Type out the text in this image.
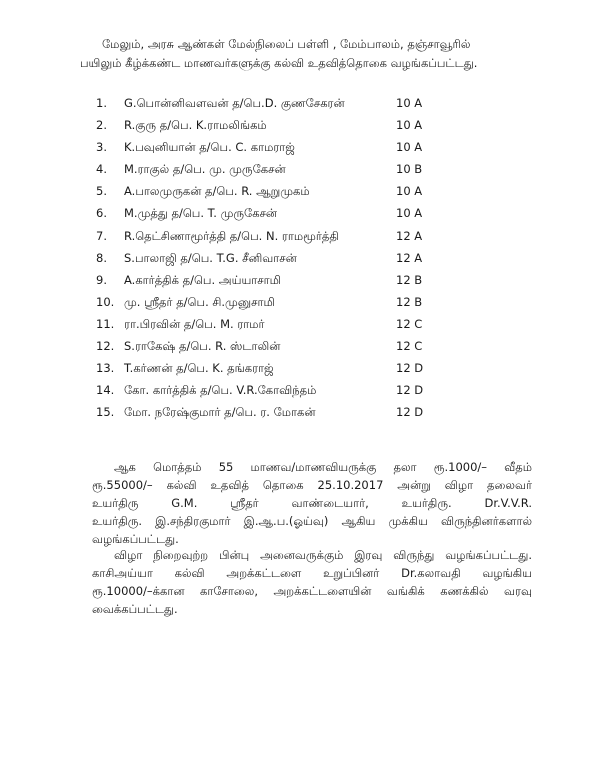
மேலும், அரசு ஆண்கள் மேல்நிலைப் பள்ளி , மேம்பாலம், தஞ்சாவூரில்
பயிலும் கீழ்க்கண்ட மாணவர்களுக்கு கல்வி உதவித்தொகை வழங்கப்பட்டது.
1.	G.பொன்னிவளவன் த/பெ.D. குணசேகரன்	10 A
2.	R.குரு த/பெ. K.ராமலிங்கம்	10 A
3.	K.பவுனியான் த/பெ. C. காமராஜ்	10 A
4.	M.ராகுல் த/பெ. மு. முருகேசன்	10 B
5.	A.பாலமுருகன் த/பெ. R. ஆறுமுகம்	10 A
6.	M.முத்து த/பெ. T. முருகேசன்	10 A
7.	R.தெட்சிணாமூர்த்தி த/பெ. N. ராமமூர்த்தி	12 A
8.	S.பாலாஜி த/பெ. T.G. சீனிவாசன்	12 A
9.	A.கார்த்திக் த/பெ. அய்யாசாமி	12 B
10. மு. ஸ்ரீதர் த/பெ. சி.முனுசாமி	12 B
11. ரா.பிரவின் த/பெ. M. ராமர்	12 C
12. S.ராகேஷ் த/பெ. R. ஸ்டாலின்	12 C
13. T.கர்ணன் த/பெ. K. தங்கராஜ்	12 D
14. கோ. கார்த்திக் த/பெ. V.R.கோவிந்தம்	12 D
15. மோ. நரேஷ்குமார் த/பெ. ர. மோகன்	12 D
ஆக மொத்தம் 55 மாணவ/மாணவியருக்கு தலா ரூ.1000/– வீதம்
ரூ.55000/– கல்வி உதவித் தொகை 25.10.2017 அன்று விழா தலைவர்
உயர்திரு G.M. ஸ்ரீதர் வாண்டையார், உயர்திரு. Dr.V.V.R.
உயர்திரு. இ.சந்திரகுமார் இ.ஆ.ப.(ஓய்வு) ஆகிய முக்கிய விருந்தினர்களால்
வழங்கப்பட்டது.
விழா நிறைவுற்ற பின்பு அனைவருக்கும் இரவு விருந்து வழங்கப்பட்டது.
காசிஅய்யா கல்வி அறக்கட்டளை உறுப்பினர் Dr.கலாவதி வழங்கிய
ரூ.10000/–க்கான காசோலை, அறக்கட்டளையின் வங்கிக் கணக்கில் வரவு
வைக்கப்பட்டது.
